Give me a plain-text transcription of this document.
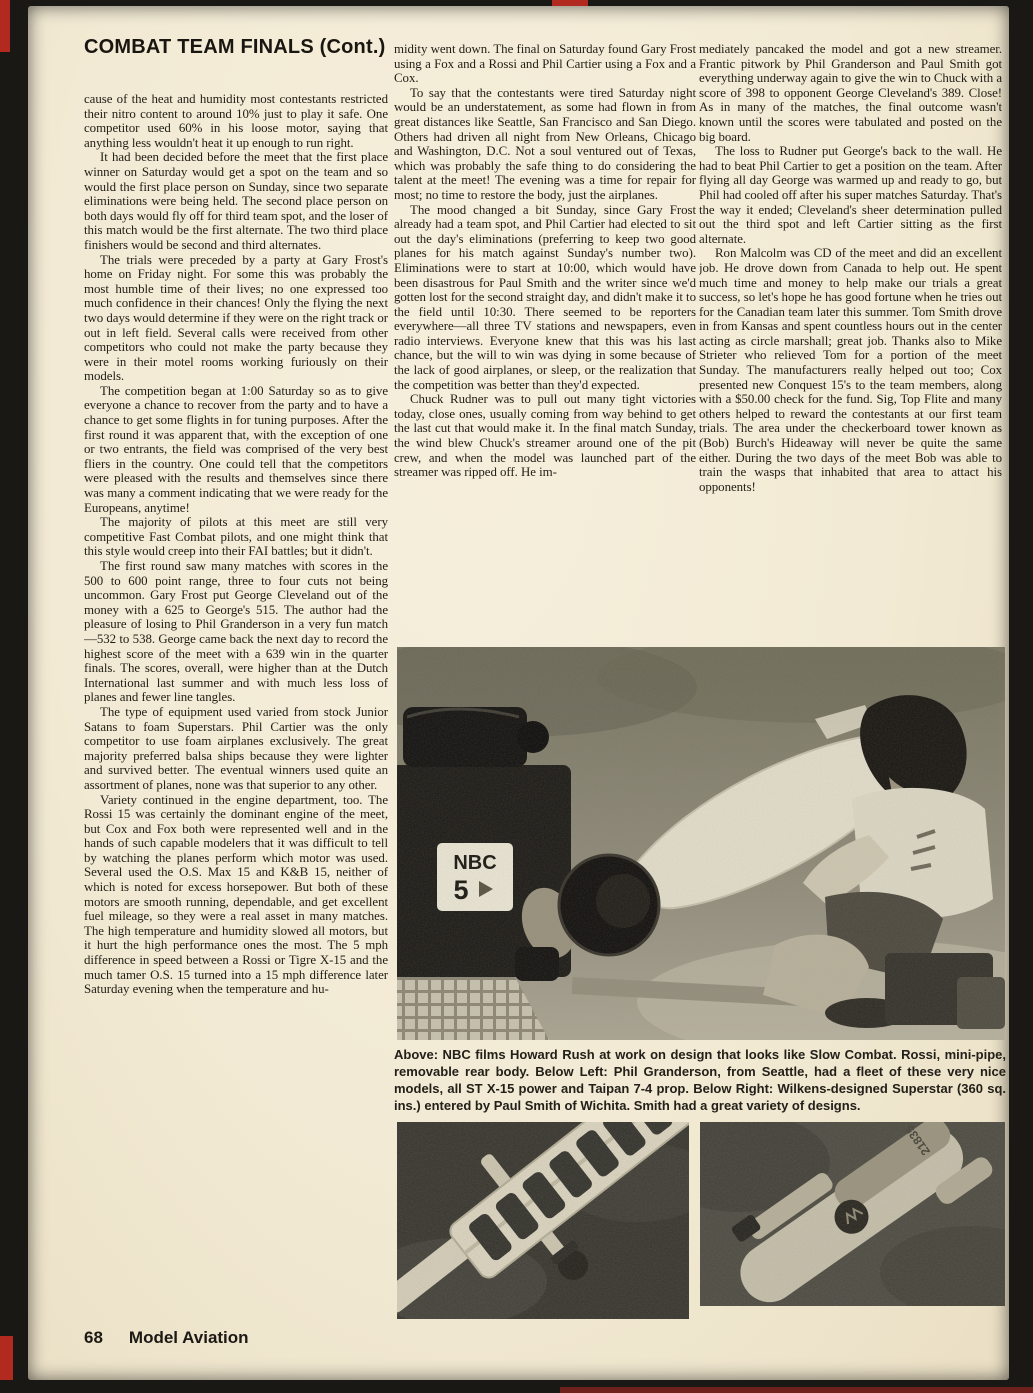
COMBAT TEAM FINALS (Cont.)

cause of the heat and humidity most contestants restricted their nitro content to around 10% just to play it safe. One competitor used 60% in his loose motor, saying that anything less wouldn't heat it up enough to run right.

It had been decided before the meet that the first place winner on Saturday would get a spot on the team and so would the first place person on Sunday, since two separate eliminations were being held. The second place person on both days would fly off for third team spot, and the loser of this match would be the first alternate. The two third place finishers would be second and third alternates.

The trials were preceded by a party at Gary Frost's home on Friday night. For some this was probably the most humble time of their lives; no one expressed too much confidence in their chances! Only the flying the next two days would determine if they were on the right track or out in left field. Several calls were received from other competitors who could not make the party because they were in their motel rooms working furiously on their models.

The competition began at 1:00 Saturday so as to give everyone a chance to recover from the party and to have a chance to get some flights in for tuning purposes. After the first round it was apparent that, with the exception of one or two entrants, the field was comprised of the very best fliers in the country. One could tell that the competitors were pleased with the results and themselves since there was many a comment indicating that we were ready for the Europeans, anytime!

The majority of pilots at this meet are still very competitive Fast Combat pilots, and one might think that this style would creep into their FAI battles; but it didn't.

The first round saw many matches with scores in the 500 to 600 point range, three to four cuts not being uncommon. Gary Frost put George Cleveland out of the money with a 625 to George's 515. The author had the pleasure of losing to Phil Granderson in a very fun match—532 to 538. George came back the next day to record the highest score of the meet with a 639 win in the quarter finals. The scores, overall, were higher than at the Dutch International last summer and with much less loss of planes and fewer line tangles.

The type of equipment used varied from stock Junior Satans to foam Superstars. Phil Cartier was the only competitor to use foam airplanes exclusively. The great majority preferred balsa ships because they were lighter and survived better. The eventual winners used quite an assortment of planes, none was that superior to any other.

Variety continued in the engine department, too. The Rossi 15 was certainly the dominant engine of the meet, but Cox and Fox both were represented well and in the hands of such capable modelers that it was difficult to tell by watching the planes perform which motor was used. Several used the O.S. Max 15 and K&B 15, neither of which is noted for excess horsepower. But both of these motors are smooth running, dependable, and get excellent fuel mileage, so they were a real asset in many matches. The high temperature and humidity slowed all motors, but it hurt the high performance ones the most. The 5 mph difference in speed between a Rossi or Tigre X-15 and the much tamer O.S. 15 turned into a 15 mph difference later Saturday evening when the temperature and hu-

midity went down. The final on Saturday found Gary Frost using a Fox and a Rossi and Phil Cartier using a Fox and a Cox.

To say that the contestants were tired Saturday night would be an understatement, as some had flown in from great distances like Seattle, San Francisco and San Diego. Others had driven all night from New Orleans, Chicago and Washington, D.C. Not a soul ventured out of Texas, which was probably the safe thing to do considering the talent at the meet! The evening was a time for repair for most; no time to restore the body, just the airplanes.

The mood changed a bit Sunday, since Gary Frost already had a team spot, and Phil Cartier had elected to sit out the day's eliminations (preferring to keep two good planes for his match against Sunday's number two). Eliminations were to start at 10:00, which would have been disastrous for Paul Smith and the writer since we'd gotten lost for the second straight day, and didn't make it to the field until 10:30. There seemed to be reporters everywhere—all three TV stations and newspapers, even radio interviews. Everyone knew that this was his last chance, but the will to win was dying in some because of the lack of good airplanes, or sleep, or the realization that the competition was better than they'd expected.

Chuck Rudner was to pull out many tight victories today, close ones, usually coming from way behind to get the last cut that would make it. In the final match Sunday, the wind blew Chuck's streamer around one of the pit crew, and when the model was launched part of the streamer was ripped off. He im-

mediately pancaked the model and got a new streamer. Frantic pitwork by Phil Granderson and Paul Smith got everything underway again to give the win to Chuck with a score of 398 to opponent George Cleveland's 389. Close! As in many of the matches, the final outcome wasn't known until the scores were tabulated and posted on the big board.

The loss to Rudner put George's back to the wall. He had to beat Phil Cartier to get a position on the team. After flying all day George was warmed up and ready to go, but Phil had cooled off after his super matches Saturday. That's the way it ended; Cleveland's sheer determination pulled out the third spot and left Cartier sitting as the first alternate.

Ron Malcolm was CD of the meet and did an excellent job. He drove down from Canada to help out. He spent much time and money to help make our trials a great success, so let's hope he has good fortune when he tries out for the Canadian team later this summer. Tom Smith drove in from Kansas and spent countless hours out in the center acting as circle marshall; great job. Thanks also to Mike Strieter who relieved Tom for a portion of the meet Sunday. The manufacturers really helped out too; Cox presented new Conquest 15's to the team members, along with a $50.00 check for the fund. Sig, Top Flite and many others helped to reward the contestants at our first team trials. The area under the checkerboard tower known as (Bob) Burch's Hideaway will never be quite the same either. During the two days of the meet Bob was able to train the wasps that inhabited that area to attact his opponents!

Above: NBC films Howard Rush at work on design that looks like Slow Combat. Rossi, mini-pipe, removable rear body. Below Left: Phil Granderson, from Seattle, had a fleet of these very nice models, all ST X-15 power and Taipan 7-4 prop. Below Right: Wilkens-designed Superstar (360 sq. ins.) entered by Paul Smith of Wichita. Smith had a great variety of designs.

68 Model Aviation
